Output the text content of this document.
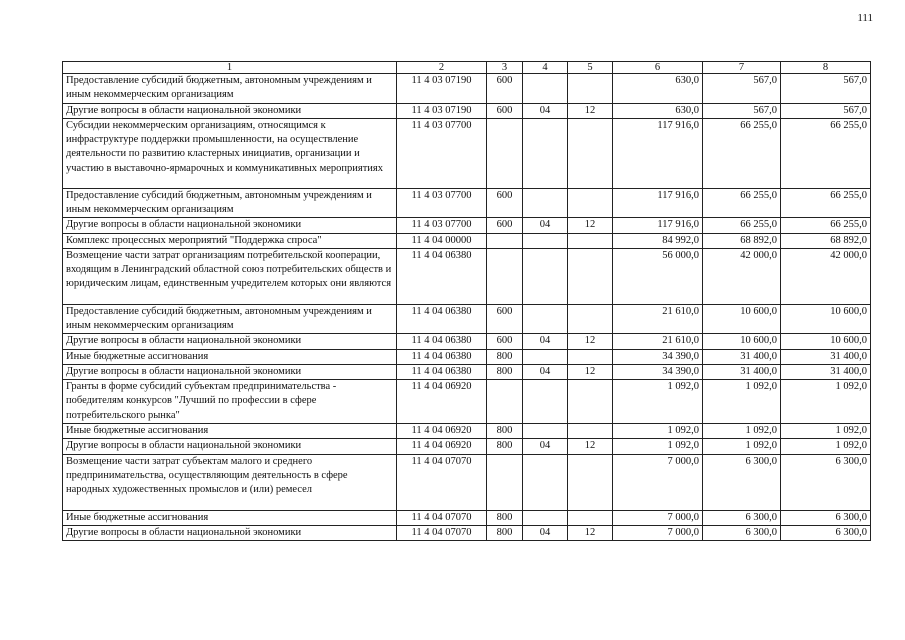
111
1	2	3	4	5	6	7	8
Предоставление субсидий бюджетным, автономным учреждениям и иным некоммерческим организациям	11 4 03 07190	600			630,0	567,0	567,0
Другие вопросы в области национальной экономики	11 4 03 07190	600	04	12	630,0	567,0	567,0
Субсидии некоммерческим организациям, относящимся к инфраструктуре поддержки промышленности, на осуществление деятельности по развитию кластерных инициатив, организации и участию в выставочно-ярмарочных и коммуникативных мероприятиях	11 4 03 07700				117 916,0	66 255,0	66 255,0
Предоставление субсидий бюджетным, автономным учреждениям и иным некоммерческим организациям	11 4 03 07700	600			117 916,0	66 255,0	66 255,0
Другие вопросы в области национальной экономики	11 4 03 07700	600	04	12	117 916,0	66 255,0	66 255,0
Комплекс процессных мероприятий "Поддержка спроса"	11 4 04 00000				84 992,0	68 892,0	68 892,0
Возмещение части затрат организациям потребительской кооперации, входящим в Ленинградский областной союз потребительских обществ и юридическим лицам, единственным учредителем которых они являются	11 4 04 06380				56 000,0	42 000,0	42 000,0
Предоставление субсидий бюджетным, автономным учреждениям и иным некоммерческим организациям	11 4 04 06380	600			21 610,0	10 600,0	10 600,0
Другие вопросы в области национальной экономики	11 4 04 06380	600	04	12	21 610,0	10 600,0	10 600,0
Иные бюджетные ассигнования	11 4 04 06380	800			34 390,0	31 400,0	31 400,0
Другие вопросы в области национальной экономики	11 4 04 06380	800	04	12	34 390,0	31 400,0	31 400,0
Гранты в форме субсидий субъектам предпринимательства - победителям конкурсов "Лучший по профессии в сфере потребительского рынка"	11 4 04 06920				1 092,0	1 092,0	1 092,0
Иные бюджетные ассигнования	11 4 04 06920	800			1 092,0	1 092,0	1 092,0
Другие вопросы в области национальной экономики	11 4 04 06920	800	04	12	1 092,0	1 092,0	1 092,0
Возмещение части затрат субъектам малого и среднего предпринимательства, осуществляющим деятельность в сфере народных художественных промыслов и (или) ремесел	11 4 04 07070				7 000,0	6 300,0	6 300,0
Иные бюджетные ассигнования	11 4 04 07070	800			7 000,0	6 300,0	6 300,0
Другие вопросы в области национальной экономики	11 4 04 07070	800	04	12	7 000,0	6 300,0	6 300,0
